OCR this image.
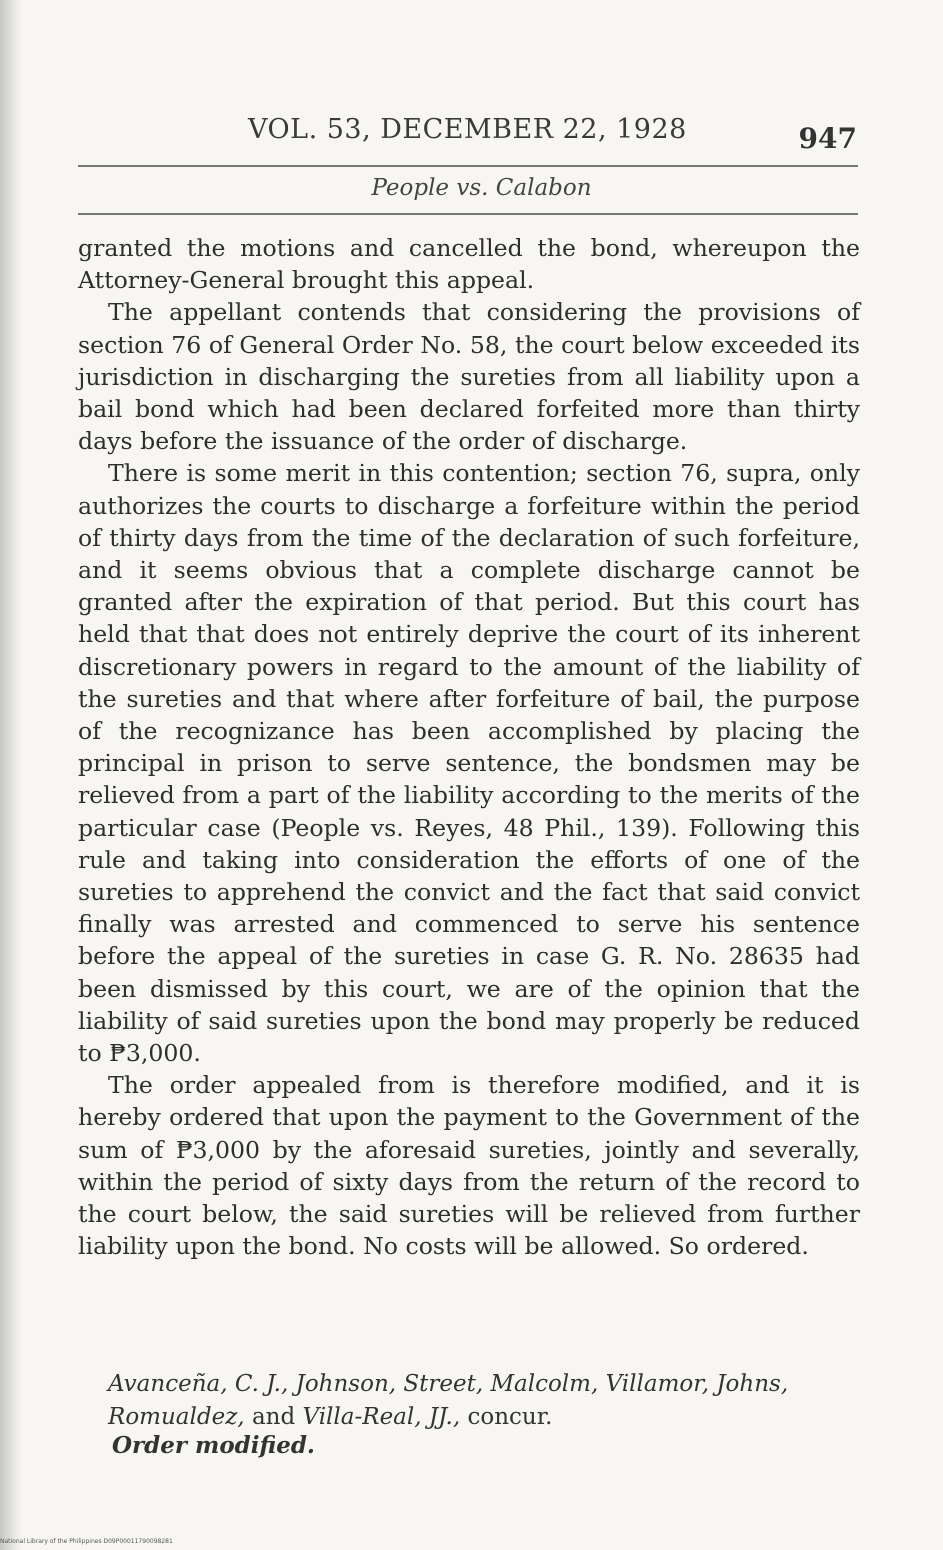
VOL. 53, DECEMBER 22, 1928	947
People vs. Calabon

granted the motions and cancelled the bond, whereupon the Attorney-General brought this appeal.

The appellant contends that considering the provisions of section 76 of General Order No. 58, the court below exceeded its jurisdiction in discharging the sureties from all liability upon a bail bond which had been declared forfeited more than thirty days before the issuance of the order of discharge.

There is some merit in this contention; section 76, supra, only authorizes the courts to discharge a forfeiture within the period of thirty days from the time of the declaration of such forfeiture, and it seems obvious that a complete discharge cannot be granted after the expiration of that period. But this court has held that that does not entirely deprive the court of its inherent discretionary powers in regard to the amount of the liability of the sureties and that where after forfeiture of bail, the purpose of the recognizance has been accomplished by placing the principal in prison to serve sentence, the bondsmen may be relieved from a part of the liability according to the merits of the particular case (People vs. Reyes, 48 Phil., 139). Following this rule and taking into consideration the efforts of one of the sureties to apprehend the convict and the fact that said convict finally was arrested and commenced to serve his sentence before the appeal of the sureties in case G. R. No. 28635 had been dismissed by this court, we are of the opinion that the liability of said sureties upon the bond may properly be reduced to ₱3,000.

The order appealed from is therefore modified, and it is hereby ordered that upon the payment to the Government of the sum of ₱3,000 by the aforesaid sureties, jointly and severally, within the period of sixty days from the return of the record to the court below, the said sureties will be relieved from further liability upon the bond. No costs will be allowed. So ordered.

Avanceña, C. J., Johnson, Street, Malcolm, Villamor, Johns, Romualdez, and Villa-Real, JJ., concur.
Order modified.
National Library of the Philippines D09P00011790098281
